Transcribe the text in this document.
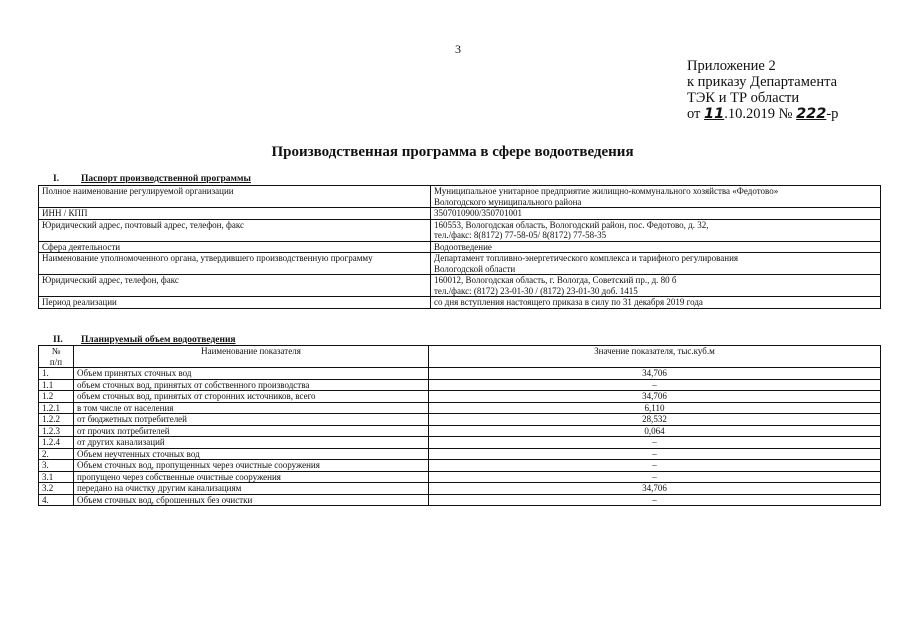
3
Приложение 2
к приказу Департамента
ТЭК и ТР области
от 11.10.2019 № 222-р
Производственная программа в сфере водоотведения
I. Паспорт производственной программы
Полное наименование регулируемой организации	Муниципальное унитарное предприятие жилищно-коммунального хозяйства «Федотово»
Вологодского муниципального района

ИНН / КПП	3507010900/350701001

Юридический адрес, почтовый адрес, телефон, факс	160553, Вологодская область, Вологодский район, пос. Федотово, д. 32,
тел./факс: 8(8172) 77-58-05/ 8(8172) 77-58-35

Сфера деятельности	Водоотведение

Наименование уполномоченного органа, утвердившего производственную программу	Департамент топливно-энергетического комплекса и тарифного регулирования
Вологодской области

Юридический адрес, телефон, факс	160012, Вологодская область, г. Вологда, Советский пр., д. 80 б
тел./факс: (8172) 23-01-30 / (8172) 23-01-30 доб. 1415

Период реализации	со дня вступления настоящего приказа в силу по 31 декабря 2019 года
II. Планируемый объем водоотведения
№
п/п	Наименование показателя	Значение показателя, тыс.куб.м
1.	Объем принятых сточных вод	34,706
1.1	объем сточных вод, принятых от собственного производства	–
1.2	объем сточных вод, принятых от сторонних источников, всего	34,706
1.2.1	в том числе от населения	6,110
1.2.2	от бюджетных потребителей	28,532
1.2.3	от прочих потребителей	0,064
1.2.4	от других канализаций	–
2.	Объем неучтенных сточных вод	–
3.	Объем сточных вод, пропущенных через очистные сооружения	–
3.1	пропущено через собственные очистные сооружения	–
3.2	передано на очистку другим канализациям	34,706
4.	Объем сточных вод, сброшенных без очистки	–
